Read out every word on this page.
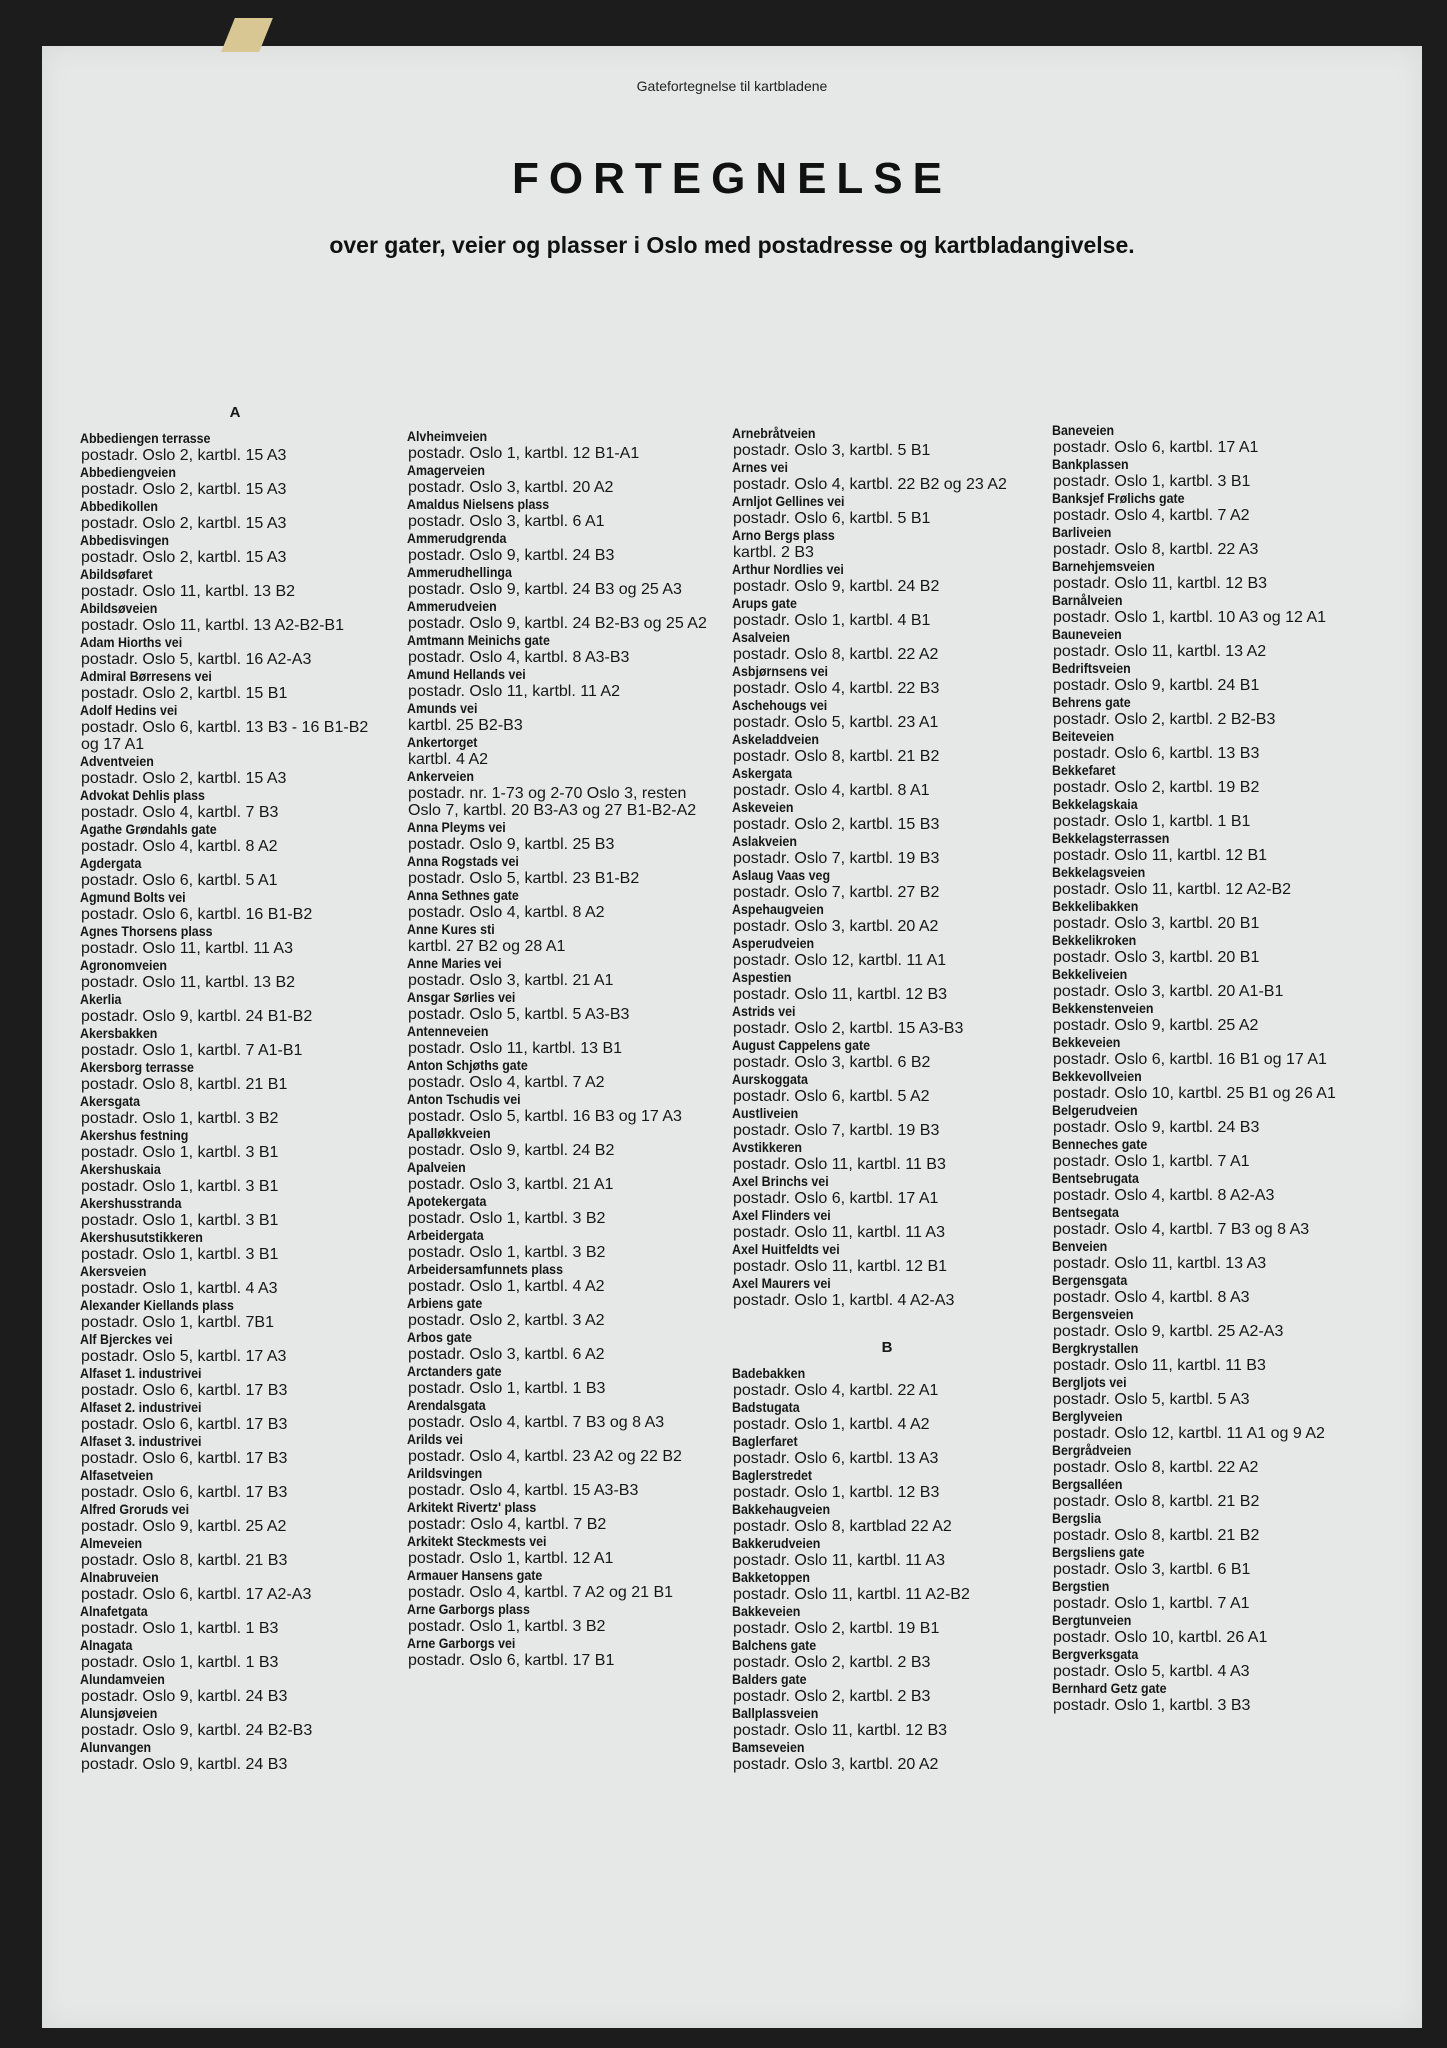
Gatefortegnelse til kartbladene
FORTEGNELSE
over gater, veier og plasser i Oslo med postadresse og kartbladangivelse.
A
Abbediengen terrasse
postadr. Oslo 2, kartbl. 15 A3
Abbediengveien
postadr. Oslo 2, kartbl. 15 A3
Abbedikollen
postadr. Oslo 2, kartbl. 15 A3
Abbedisvingen
postadr. Oslo 2, kartbl. 15 A3
Abildsøfaret
postadr. Oslo 11, kartbl. 13 B2
Abildsøveien
postadr. Oslo 11, kartbl. 13 A2-B2-B1
Adam Hiorths vei
postadr. Oslo 5, kartbl. 16 A2-A3
Admiral Børresens vei
postadr. Oslo 2, kartbl. 15 B1
Adolf Hedins vei
postadr. Oslo 6, kartbl. 13 B3 - 16 B1-B2 og 17 A1
Adventveien
postadr. Oslo 2, kartbl. 15 A3
Advokat Dehlis plass
postadr. Oslo 4, kartbl. 7 B3
Agathe Grøndahls gate
postadr. Oslo 4, kartbl. 8 A2
Agdergata
postadr. Oslo 6, kartbl. 5 A1
Agmund Bolts vei
postadr. Oslo 6, kartbl. 16 B1-B2
Agnes Thorsens plass
postadr. Oslo 11, kartbl. 11 A3
Agronomveien
postadr. Oslo 11, kartbl. 13 B2
Akerlia
postadr. Oslo 9, kartbl. 24 B1-B2
Akersbakken
postadr. Oslo 1, kartbl. 7 A1-B1
Akersborg terrasse
postadr. Oslo 8, kartbl. 21 B1
Akersgata
postadr. Oslo 1, kartbl. 3 B2
Akershus festning
postadr. Oslo 1, kartbl. 3 B1
Akershuskaia
postadr. Oslo 1, kartbl. 3 B1
Akershusstranda
postadr. Oslo 1, kartbl. 3 B1
Akershusutstikkeren
postadr. Oslo 1, kartbl. 3 B1
Akersveien
postadr. Oslo 1, kartbl. 4 A3
Alexander Kiellands plass
postadr. Oslo 1, kartbl. 7B1
Alf Bjerckes vei
postadr. Oslo 5, kartbl. 17 A3
Alfaset 1. industrivei
postadr. Oslo 6, kartbl. 17 B3
Alfaset 2. industrivei
postadr. Oslo 6, kartbl. 17 B3
Alfaset 3. industrivei
postadr. Oslo 6, kartbl. 17 B3
Alfasetveien
postadr. Oslo 6, kartbl. 17 B3
Alfred Groruds vei
postadr. Oslo 9, kartbl. 25 A2
Almeveien
postadr. Oslo 8, kartbl. 21 B3
Alnabruveien
postadr. Oslo 6, kartbl. 17 A2-A3
Alnafetgata
postadr. Oslo 1, kartbl. 1 B3
Alnagata
postadr. Oslo 1, kartbl. 1 B3
Alundamveien
postadr. Oslo 9, kartbl. 24 B3
Alunsjøveien
postadr. Oslo 9, kartbl. 24 B2-B3
Alunvangen
postadr. Oslo 9, kartbl. 24 B3
Alvheimveien
postadr. Oslo 1, kartbl. 12 B1-A1
Amagerveien
postadr. Oslo 3, kartbl. 20 A2
Amaldus Nielsens plass
postadr. Oslo 3, kartbl. 6 A1
Ammerudgrenda
postadr. Oslo 9, kartbl. 24 B3
Ammerudhellinga
postadr. Oslo 9, kartbl. 24 B3 og 25 A3
Ammerudveien
postadr. Oslo 9, kartbl. 24 B2-B3 og 25 A2
Amtmann Meinichs gate
postadr. Oslo 4, kartbl. 8 A3-B3
Amund Hellands vei
postadr. Oslo 11, kartbl. 11 A2
Amunds vei
kartbl. 25 B2-B3
Ankertorget
kartbl. 4 A2
Ankerveien
postadr. nr. 1-73 og 2-70 Oslo 3, resten Oslo 7, kartbl. 20 B3-A3 og 27 B1-B2-A2
Anna Pleyms vei
postadr. Oslo 9, kartbl. 25 B3
Anna Rogstads vei
postadr. Oslo 5, kartbl. 23 B1-B2
Anna Sethnes gate
postadr. Oslo 4, kartbl. 8 A2
Anne Kures sti
kartbl. 27 B2 og 28 A1
Anne Maries vei
postadr. Oslo 3, kartbl. 21 A1
Ansgar Sørlies vei
postadr. Oslo 5, kartbl. 5 A3-B3
Antenneveien
postadr. Oslo 11, kartbl. 13 B1
Anton Schjøths gate
postadr. Oslo 4, kartbl. 7 A2
Anton Tschudis vei
postadr. Oslo 5, kartbl. 16 B3 og 17 A3
Apalløkkveien
postadr. Oslo 9, kartbl. 24 B2
Apalveien
postadr. Oslo 3, kartbl. 21 A1
Apotekergata
postadr. Oslo 1, kartbl. 3 B2
Arbeidergata
postadr. Oslo 1, kartbl. 3 B2
Arbeidersamfunnets plass
postadr. Oslo 1, kartbl. 4 A2
Arbiens gate
postadr. Oslo 2, kartbl. 3 A2
Arbos gate
postadr. Oslo 3, kartbl. 6 A2
Arctanders gate
postadr. Oslo 1, kartbl. 1 B3
Arendalsgata
postadr. Oslo 4, kartbl. 7 B3 og 8 A3
Arilds vei
postadr. Oslo 4, kartbl. 23 A2 og 22 B2
Arildsvingen
postadr. Oslo 4, kartbl. 15 A3-B3
Arkitekt Rivertz' plass
postadr: Oslo 4, kartbl. 7 B2
Arkitekt Steckmests vei
postadr. Oslo 1, kartbl. 12 A1
Armauer Hansens gate
postadr. Oslo 4, kartbl. 7 A2 og 21 B1
Arne Garborgs plass
postadr. Oslo 1, kartbl. 3 B2
Arne Garborgs vei
postadr. Oslo 6, kartbl. 17 B1
Arnebråtveien
postadr. Oslo 3, kartbl. 5 B1
Arnes vei
postadr. Oslo 4, kartbl. 22 B2 og 23 A2
Arnljot Gellines vei
postadr. Oslo 6, kartbl. 5 B1
Arno Bergs plass
kartbl. 2 B3
Arthur Nordlies vei
postadr. Oslo 9, kartbl. 24 B2
Arups gate
postadr. Oslo 1, kartbl. 4 B1
Asalveien
postadr. Oslo 8, kartbl. 22 A2
Asbjørnsens vei
postadr. Oslo 4, kartbl. 22 B3
Aschehougs vei
postadr. Oslo 5, kartbl. 23 A1
Askeladdveien
postadr. Oslo 8, kartbl. 21 B2
Askergata
postadr. Oslo 4, kartbl. 8 A1
Askeveien
postadr. Oslo 2, kartbl. 15 B3
Aslakveien
postadr. Oslo 7, kartbl. 19 B3
Aslaug Vaas veg
postadr. Oslo 7, kartbl. 27 B2
Aspehaugveien
postadr. Oslo 3, kartbl. 20 A2
Asperudveien
postadr. Oslo 12, kartbl. 11 A1
Aspestien
postadr. Oslo 11, kartbl. 12 B3
Astrids vei
postadr. Oslo 2, kartbl. 15 A3-B3
August Cappelens gate
postadr. Oslo 3, kartbl. 6 B2
Aurskoggata
postadr. Oslo 6, kartbl. 5 A2
Austliveien
postadr. Oslo 7, kartbl. 19 B3
Avstikkeren
postadr. Oslo 11, kartbl. 11 B3
Axel Brinchs vei
postadr. Oslo 6, kartbl. 17 A1
Axel Flinders vei
postadr. Oslo 11, kartbl. 11 A3
Axel Huitfeldts vei
postadr. Oslo 11, kartbl. 12 B1
Axel Maurers vei
postadr. Oslo 1, kartbl. 4 A2-A3
B
Badebakken
postadr. Oslo 4, kartbl. 22 A1
Badstugata
postadr. Oslo 1, kartbl. 4 A2
Baglerfaret
postadr. Oslo 6, kartbl. 13 A3
Baglerstredet
postadr. Oslo 1, kartbl. 12 B3
Bakkehaugveien
postadr. Oslo 8, kartblad 22 A2
Bakkerudveien
postadr. Oslo 11, kartbl. 11 A3
Bakketoppen
postadr. Oslo 11, kartbl. 11 A2-B2
Bakkeveien
postadr. Oslo 2, kartbl. 19 B1
Balchens gate
postadr. Oslo 2, kartbl. 2 B3
Balders gate
postadr. Oslo 2, kartbl. 2 B3
Ballplassveien
postadr. Oslo 11, kartbl. 12 B3
Bamseveien
postadr. Oslo 3, kartbl. 20 A2
Baneveien
postadr. Oslo 6, kartbl. 17 A1
Bankplassen
postadr. Oslo 1, kartbl. 3 B1
Banksjef Frølichs gate
postadr. Oslo 4, kartbl. 7 A2
Barliveien
postadr. Oslo 8, kartbl. 22 A3
Barnehjemsveien
postadr. Oslo 11, kartbl. 12 B3
Barnålveien
postadr. Oslo 1, kartbl. 10 A3 og 12 A1
Bauneveien
postadr. Oslo 11, kartbl. 13 A2
Bedriftsveien
postadr. Oslo 9, kartbl. 24 B1
Behrens gate
postadr. Oslo 2, kartbl. 2 B2-B3
Beiteveien
postadr. Oslo 6, kartbl. 13 B3
Bekkefaret
postadr. Oslo 2, kartbl. 19 B2
Bekkelagskaia
postadr. Oslo 1, kartbl. 1 B1
Bekkelagsterrassen
postadr. Oslo 11, kartbl. 12 B1
Bekkelagsveien
postadr. Oslo 11, kartbl. 12 A2-B2
Bekkelibakken
postadr. Oslo 3, kartbl. 20 B1
Bekkelikroken
postadr. Oslo 3, kartbl. 20 B1
Bekkeliveien
postadr. Oslo 3, kartbl. 20 A1-B1
Bekkenstenveien
postadr. Oslo 9, kartbl. 25 A2
Bekkeveien
postadr. Oslo 6, kartbl. 16 B1 og 17 A1
Bekkevollveien
postadr. Oslo 10, kartbl. 25 B1 og 26 A1
Belgerudveien
postadr. Oslo 9, kartbl. 24 B3
Benneches gate
postadr. Oslo 1, kartbl. 7 A1
Bentsebrugata
postadr. Oslo 4, kartbl. 8 A2-A3
Bentsegata
postadr. Oslo 4, kartbl. 7 B3 og 8 A3
Benveien
postadr. Oslo 11, kartbl. 13 A3
Bergensgata
postadr. Oslo 4, kartbl. 8 A3
Bergensveien
postadr. Oslo 9, kartbl. 25 A2-A3
Bergkrystallen
postadr. Oslo 11, kartbl. 11 B3
Bergljots vei
postadr. Oslo 5, kartbl. 5 A3
Berglyveien
postadr. Oslo 12, kartbl. 11 A1 og 9 A2
Bergrådveien
postadr. Oslo 8, kartbl. 22 A2
Bergsalléen
postadr. Oslo 8, kartbl. 21 B2
Bergslia
postadr. Oslo 8, kartbl. 21 B2
Bergsliens gate
postadr. Oslo 3, kartbl. 6 B1
Bergstien
postadr. Oslo 1, kartbl. 7 A1
Bergtunveien
postadr. Oslo 10, kartbl. 26 A1
Bergverksgata
postadr. Oslo 5, kartbl. 4 A3
Bernhard Getz gate
postadr. Oslo 1, kartbl. 3 B3
